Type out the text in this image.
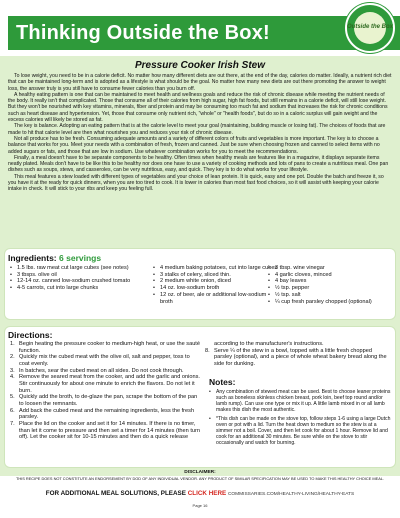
Thinking Outside the Box!	Outside the Box
Pressure Cooker Irish Stew

To lose weight, you need to be in a calorie deficit. No matter how many different diets are out there, at the end of the day, calories do matter. Ideally, a nutrient rich diet that can be maintained long-term and is adopted as a lifestyle is what should be the goal. No matter how many new diets are out there promoting the answer to weight loss, the answer truly is you still have to consume fewer calories than you burn off.

A healthy eating pattern is one that can be maintained to meet health and wellness goals and reduce the risk of chronic disease while meeting the nutrient needs of the body. It really isn't that complicated. Those that consume all of their calories from high sugar, high fat foods, but still remains in a calorie deficit, will still lose weight. But they won't be nourished with key vitamins, minerals, fiber and protein and may be consuming too much fat and sodium that increases the risk for chronic conditions such as heart disease and hypertension. Yet, those that consume only nutrient rich, "whole" or "health foods", but do so in a caloric surplus will gain weight and the excess calories will likely be stored as fat.

The key is balance. Adopting an eating pattern that is at the calorie level to meet your goal (maintaining, building muscle or losing fat). The choices of foods that are made to hit that calorie level are then what nourishes you and reduces your risk of chronic disease.

Not all produce has to be fresh. Consuming adequate amounts and a variety of different colors of fruits and vegetables is more important. The key is to choose a balance that works for you. Meet your needs with a combination of fresh, frozen and canned. Just be sure when choosing frozen and canned to select items with no added sugars or fats, and those that are low in sodium. Use whatever combination works for you to meet the recommendations.

Finally, a meal doesn't have to be separate components to be healthy. Often times when healthy meals are features like in a magazine, it displays separate items neatly plated. Meals don't have to be like this to be healthy nor does one have to use a variety of cooking methods and lots of pans to create a nutritious meal. One pan dishes such as soups, stews, and casseroles, can be very nutritious, easy, and quick. They key is to do what works for your lifestyle.

This meal features a stew loaded with different types of vegetables and your choice of lean protein. It is quick, easy and one pot. Double the batch and freeze it, so you have it at the ready for quick dinners, when you are too tired to cook. It is lower in calories than most fast food choices, so it will assist with keeping your calorie intake in check. It will stick to your ribs and keep you feeling full.

Ingredients: 6 servings
• 1.5 lbs. raw meat cut large cubes (see notes)
• 3 tbsps. olive oil
• 12-14 oz. canned low-sodium crushed tomato
• 4-5 carrots, cut into large chunks
• 4 medium baking potatoes, cut into large cubes
• 3 stalks of celery, sliced thin.
• 2 medium white onion, diced
• 14 oz. low-sodium broth
• 12 oz. of beer, ale or additional low-sodium broth
• 3 tbsp. wine vinegar
• 4 garlic cloves, minced
• 4 bay leaves
• ½ tsp. pepper
• ½ tsp. salt
• ¼ cup fresh parsley chopped (optional)
Directions:
1. Begin heating the pressure cooker to medium-high heat, or use the sauté function.
2. Quickly mix the cubed meat with the olive oil, salt and pepper, toss to coat evenly.
3. In batches, sear the cubed meat on all sides. Do not cook through.
4. Remove the seared meat from the cooker, and add the garlic and onions. Stir continuously for about one minute to enrich the flavors. Do not let it burn.
5. Quickly add the broth, to de-glaze the pan, scrape the bottom of the pan to loosen the remnants.
6. Add back the cubed meat and the remaining ingredients, less the fresh parsley.
7. Place the lid on the cooker and set it for 14 minutes. If there is no timer, than let it come to pressure and then set a timer for 14 minutes (then turn off). Let the cooker sit for 10-15 minutes and then do a quick release
according to the manufacturer's instructions.
8. Serve ¼ of the stew in a bowl, topped with a little fresh chopped parsley (optional), and a piece of whole wheat bakery bread along the side for dunking.
Notes:
• Any combination of stewed meat can be used. Best to choose leaner proteins such as boneless skinless chicken breast, pork loin, beef top round and/or lamb rump). Can use one type or mix it up. A little lamb mixed in or all lamb makes this dish the most authentic.
• *This dish can be made on the stove top, follow steps 1-6 using a large Dutch oven or pot with a lid. Turn the heat down to medium so the stew is at a simmer not a boil. Cover, and then let cook for about 1 hour. Remove lid and cook for an additional 30 minutes. Be sure while on the stove to stir occasionally and watch for burning.
DISCLAIMER:
THIS RECIPE DOES NOT CONSTITUTE AN ENDORSEMENT BY DOD OF ANY INDIVIDUAL VENDOR. ANY PRODUCT OF SIMILAR SPECIFICATION MAY BE USED TO MAKE THIS HEALTHY CHOICE MEAL.
FOR ADDITIONAL MEAL SOLUTIONS, PLEASE CLICK HERE COMMISSARIES.COM/HEALTHY-LIVING/HEALTHY-EATS
Page 16
